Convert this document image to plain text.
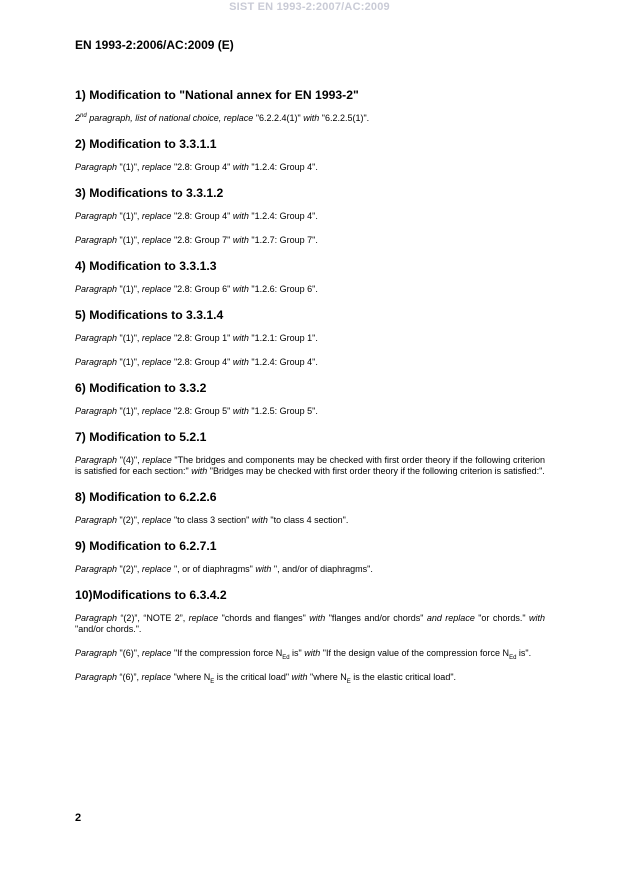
SIST EN 1993-2:2007/AC:2009
EN 1993-2:2006/AC:2009 (E)
1) Modification to "National annex for EN 1993-2"
2nd paragraph, list of national choice, replace "6.2.2.4(1)" with "6.2.2.5(1)".
2) Modification to 3.3.1.1
Paragraph "(1)", replace "2.8: Group 4" with "1.2.4: Group 4".
3) Modifications to 3.3.1.2
Paragraph "(1)", replace "2.8: Group 4" with "1.2.4: Group 4".
Paragraph "(1)", replace "2.8: Group 7" with "1.2.7: Group 7".
4) Modification to 3.3.1.3
Paragraph "(1)", replace "2.8: Group 6" with "1.2.6: Group 6".
5) Modifications to 3.3.1.4
Paragraph "(1)", replace "2.8: Group 1" with "1.2.1: Group 1".
Paragraph "(1)", replace "2.8: Group 4" with "1.2.4: Group 4".
6) Modification to 3.3.2
Paragraph "(1)", replace "2.8: Group 5" with "1.2.5: Group 5".
7) Modification to 5.2.1
Paragraph "(4)", replace "The bridges and components may be checked with first order theory if the following criterion is satisfied for each section:" with "Bridges may be checked with first order theory if the following criterion is satisfied:".
8) Modification to 6.2.2.6
Paragraph "(2)", replace "to class 3 section" with "to class 4 section".
9) Modification to 6.2.7.1
Paragraph "(2)", replace ", or of diaphragms" with ", and/or of diaphragms".
10)Modifications to 6.3.4.2
Paragraph “(2)”, “NOTE 2”, replace "chords and flanges" with "flanges and/or chords" and replace "or chords." with "and/or chords.".
Paragraph "(6)", replace "If the compression force $N_{Ed}$ is" with "If the design value of the compression force $N_{Ed}$ is".
Paragraph “(6)”, replace "where $N_E$ is the critical load" with "where $N_E$ is the elastic critical load".
2
